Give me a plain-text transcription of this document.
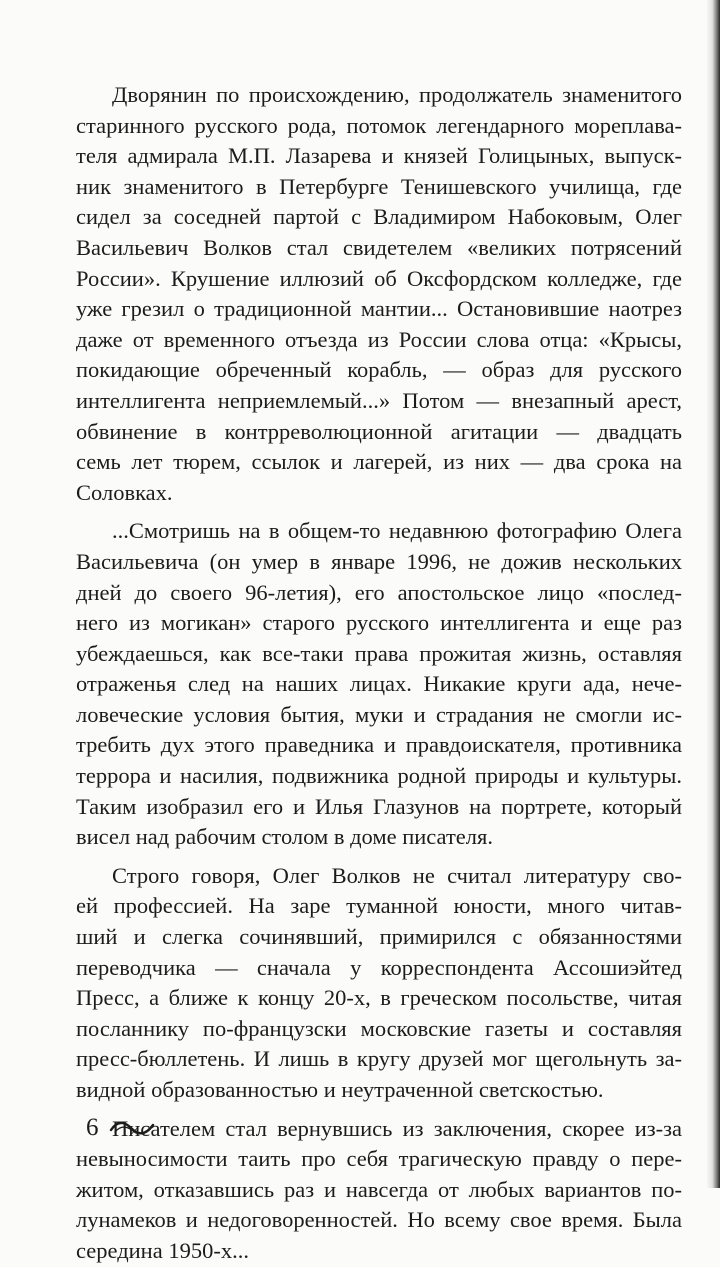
Дворянин по происхождению, продолжатель знаменитого
старинного русского рода, потомок легендарного мореплава-
теля адмирала М.П. Лазарева и князей Голицыных, выпуск-
ник знаменитого в Петербурге Тенишевского училища, где
сидел за соседней партой с Владимиром Набоковым, Олег
Васильевич Волков стал свидетелем «великих потрясений
России». Крушение иллюзий об Оксфордском колледже, где
уже грезил о традиционной мантии... Остановившие наотрез
даже от временного отъезда из России слова отца: «Крысы,
покидающие обреченный корабль, — образ для русского
интеллигента неприемлемый...» Потом — внезапный арест,
обвинение в контрреволюционной агитации — двадцать
семь лет тюрем, ссылок и лагерей, из них — два срока на
Соловках.

...Смотришь на в общем-то недавнюю фотографию Олега
Васильевича (он умер в январе 1996, не дожив нескольких
дней до своего 96-летия), его апостольское лицо «послед-
него из могикан» старого русского интеллигента и еще раз
убеждаешься, как все-таки права прожитая жизнь, оставляя
отраженья след на наших лицах. Никакие круги ада, нече-
ловеческие условия бытия, муки и страдания не смогли ис-
требить дух этого праведника и правдоискателя, противника
террора и насилия, подвижника родной природы и культуры.
Таким изобразил его и Илья Глазунов на портрете, который
висел над рабочим столом в доме писателя.

Строго говоря, Олег Волков не считал литературу сво-
ей профессией. На заре туманной юности, много читав-
ший и слегка сочинявший, примирился с обязанностями
переводчика — сначала у корреспондента Ассошиэйтед
Пресс, а ближе к концу 20-х, в греческом посольстве, читая
посланнику по-французски московские газеты и составляя
пресс-бюллетень. И лишь в кругу друзей мог щегольнуть за-
видной образованностью и неутраченной светскостью.

Писателем стал вернувшись из заключения, скорее из-за
невыносимости таить про себя трагическую правду о пере-
житом, отказавшись раз и навсегда от любых вариантов по-
лунамеков и недоговоренностей. Но всему свое время. Была
середина 1950-х...

6
